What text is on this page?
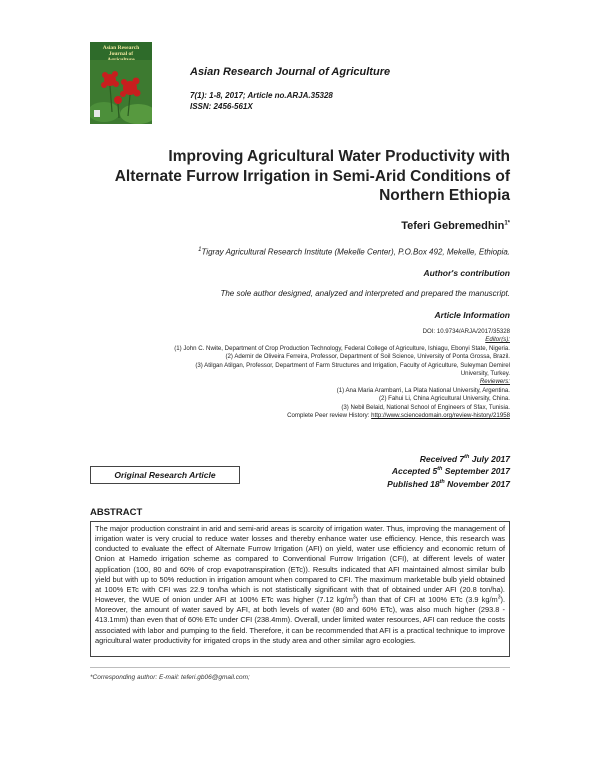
Asian Research
Journal of
Asian Research Journal of Agriculture
7(1): 1-8, 2017; Article no.ARJA.35328
ISSN: 2456-561X
Improving Agricultural Water Productivity with Alternate Furrow Irrigation in Semi-Arid Conditions of Northern Ethiopia
Teferi Gebremedhin$^{1*}$
$^1$Tigray Agricultural Research Institute (Mekelle Center), P.O.Box 492, Mekelle, Ethiopia.
Author's contribution
The sole author designed, analyzed and interpreted and prepared the manuscript.
Article Information
DOI: 10.9734/ARJA/2017/35328
Editor(s):
(1) John C. Nwite, Department of Crop Production Technology, Federal College of Agriculture, Ishiagu, Ebonyi State, Nigeria.
(2) Ademir de Oliveira Ferreira, Professor, Department of Soil Science, University of Ponta Grossa, Brazil.
(3) Atilgan Atilgan, Professor, Department of Farm Structures and Irrigation, Faculty of Agriculture, Suleyman Demirel
University, Turkey.
Reviewers:
(1) Ana Maria Arambarri, La Plata National University, Argentina.
(2) Fahui Li, China Agricultural University, China.
(3) Nebil Belaid, National School of Engineers of Sfax, Tunisia.
Complete Peer review History: http://www.sciencedomain.org/review-history/21958
Original Research Article
Received 7th July 2017
Accepted 5th September 2017
Published 18th November 2017
ABSTRACT
The major production constraint in arid and semi-arid areas is scarcity of irrigation water. Thus, improving the management of irrigation water is very crucial to reduce water losses and thereby enhance water use efficiency. Hence, this research was conducted to evaluate the effect of Alternate Furrow Irrigation (AFI) on yield, water use efficiency and economic return of Onion at Hamedo irrigation scheme as compared to Conventional Furrow Irrigation (CFI), at different levels of water application (100, 80 and 60% of crop evapotranspiration (ETc)). Results indicated that AFI maintained almost similar bulb yield but with up to 50% reduction in irrigation amount when compared to CFI. The maximum marketable bulb yield obtained at 100% ETc with CFI was 22.9 ton/ha which is not statistically significant with that of obtained under AFI (20.8 ton/ha). However, the WUE of onion under AFI at 100% ETc was higher (7.12 $kg/m^3$) than that of CFI at 100% ETc (3.9 $kg/m^3$). Moreover, the amount of water saved by AFI, at both levels of water (80 and 60% ETc), was also much higher (293.8 - 413.1mm) than even that of 60% ETc under CFI (238.4mm). Overall, under limited water resources, AFI can reduce the costs associated with labor and pumping to the field. Therefore, it can be recommended that AFI is a practical technique to improve agricultural water productivity for irrigated crops in the study area and other similar agro ecologies.
*Corresponding author: E-mail: teferi.gb06@gmail.com;
